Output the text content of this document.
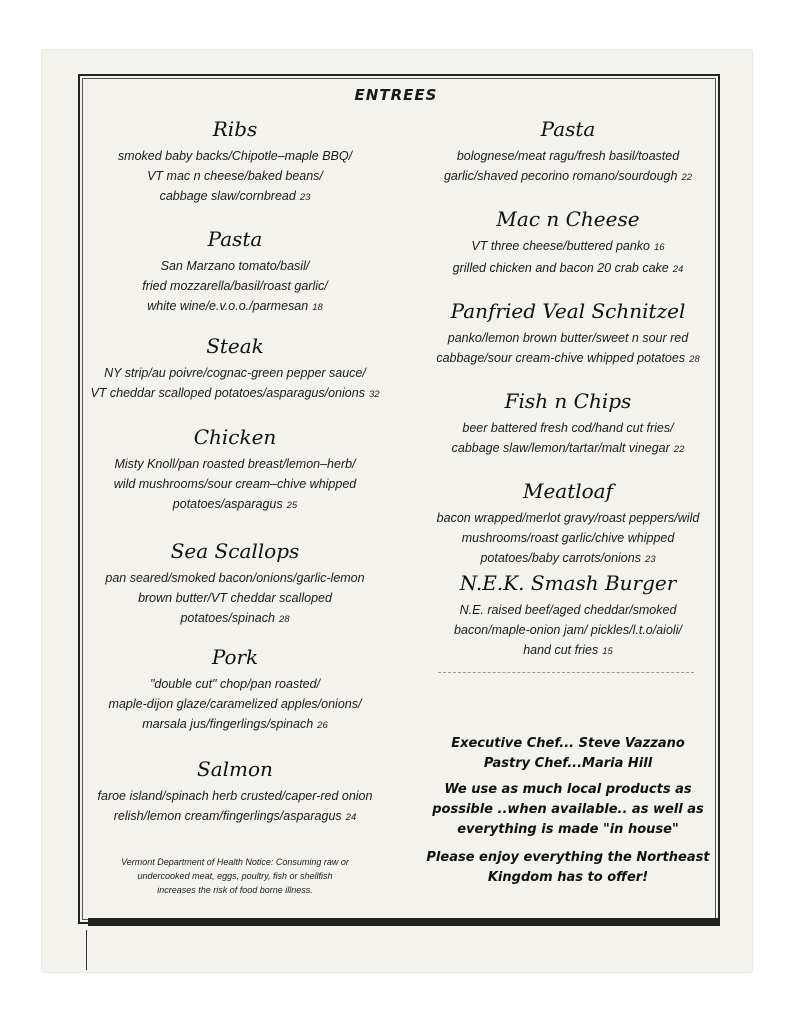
ENTREES
Ribs
smoked baby backs/Chipotle–maple BBQ/
VT mac n cheese/baked beans/
cabbage slaw/cornbread 23
Pasta
San Marzano tomato/basil/
fried mozzarella/basil/roast garlic/
white wine/e.v.o.o./parmesan 18
Steak
NY strip/au poivre/cognac-green pepper sauce/
VT cheddar scalloped potatoes/asparagus/onions 32
Chicken
Misty Knoll/pan roasted breast/lemon–herb/
wild mushrooms/sour cream–chive whipped
potatoes/asparagus 25
Sea Scallops
pan seared/smoked bacon/onions/garlic-lemon
brown butter/VT cheddar scalloped
potatoes/spinach 28
Pork
"double cut" chop/pan roasted/
maple-dijon glaze/caramelized apples/onions/
marsala jus/fingerlings/spinach 26
Salmon
faroe island/spinach herb crusted/caper-red onion
relish/lemon cream/fingerlings/asparagus 24
Vermont Department of Health Notice: Consuming raw or
undercooked meat, eggs, poultry, fish or shellfish
increases the risk of food borne illness.
Pasta
bolognese/meat ragu/fresh basil/toasted
garlic/shaved pecorino romano/sourdough 22
Mac n Cheese
VT three cheese/buttered panko 16
grilled chicken and bacon 20 crab cake 24
Panfried Veal Schnitzel
panko/lemon brown butter/sweet n sour red
cabbage/sour cream-chive whipped potatoes 28
Fish n Chips
beer battered fresh cod/hand cut fries/
cabbage slaw/lemon/tartar/malt vinegar 22
Meatloaf
bacon wrapped/merlot gravy/roast peppers/wild
mushrooms/roast garlic/chive whipped
potatoes/baby carrots/onions 23
N.E.K. Smash Burger
N.E. raised beef/aged cheddar/smoked
bacon/maple-onion jam/ pickles/l.t.o/aioli/
hand cut fries 15
Executive Chef... Steve Vazzano
Pastry Chef...Maria Hill
We use as much local products as
possible ..when available.. as well as
everything is made "in house"
Please enjoy everything the Northeast
Kingdom has to offer!
